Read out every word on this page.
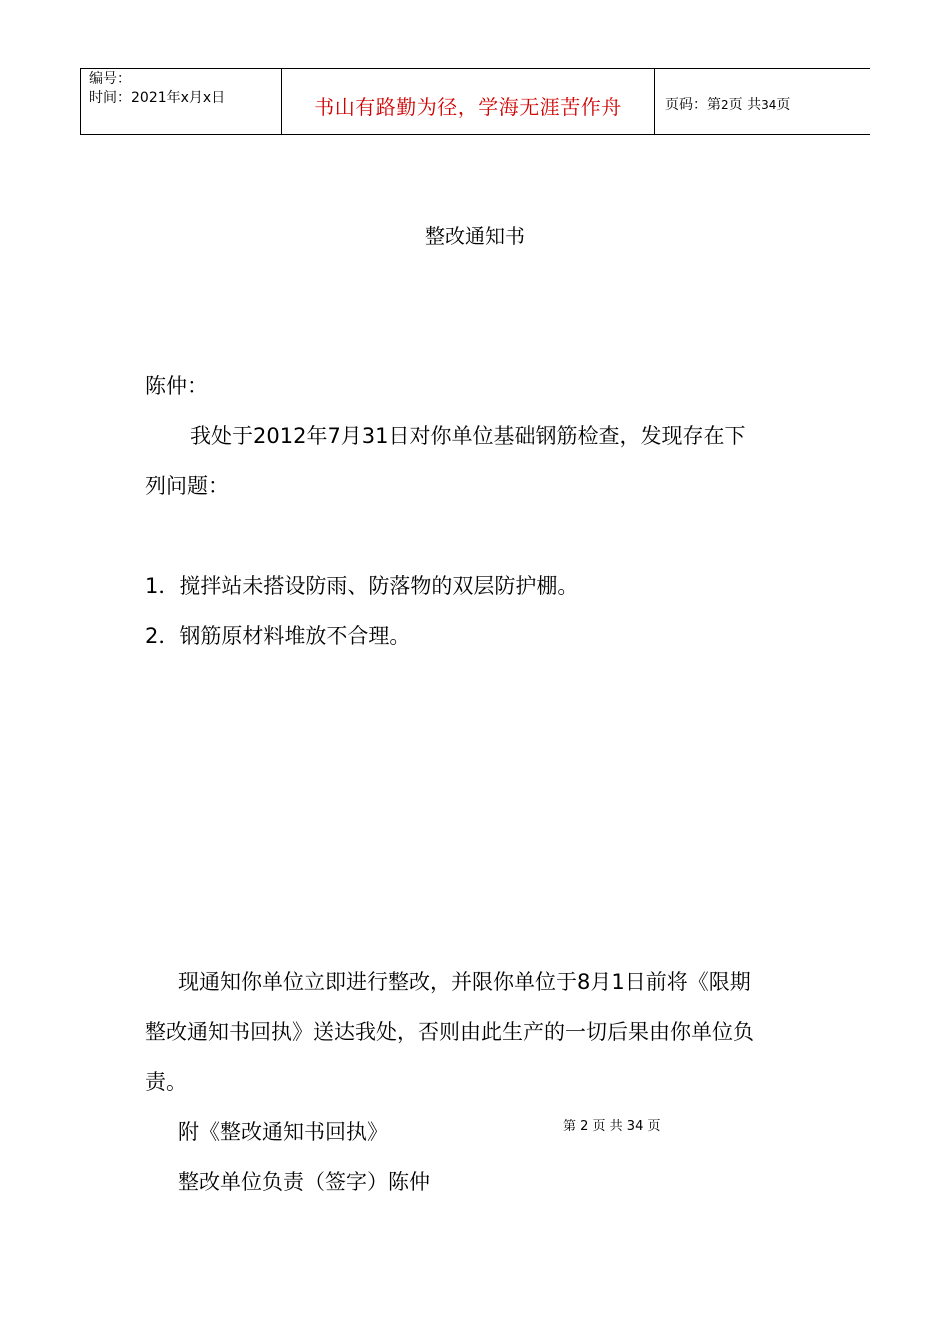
编号：
时间：2021年x月x日	书山有路勤为径，学海无涯苦作舟	页码：第2页 共34页
整改通知书
陈仲：
我处于2012年7月31日对你单位基础钢筋检查，发现存在下
列问题：
1．搅拌站未搭设防雨、防落物的双层防护棚。
2．钢筋原材料堆放不合理。
现通知你单位立即进行整改，并限你单位于8月1日前将《限期
整改通知书回执》送达我处，否则由此生产的一切后果由你单位负
责。
附《整改通知书回执》	第 2 页 共 34 页
整改单位负责（签字）陈仲
